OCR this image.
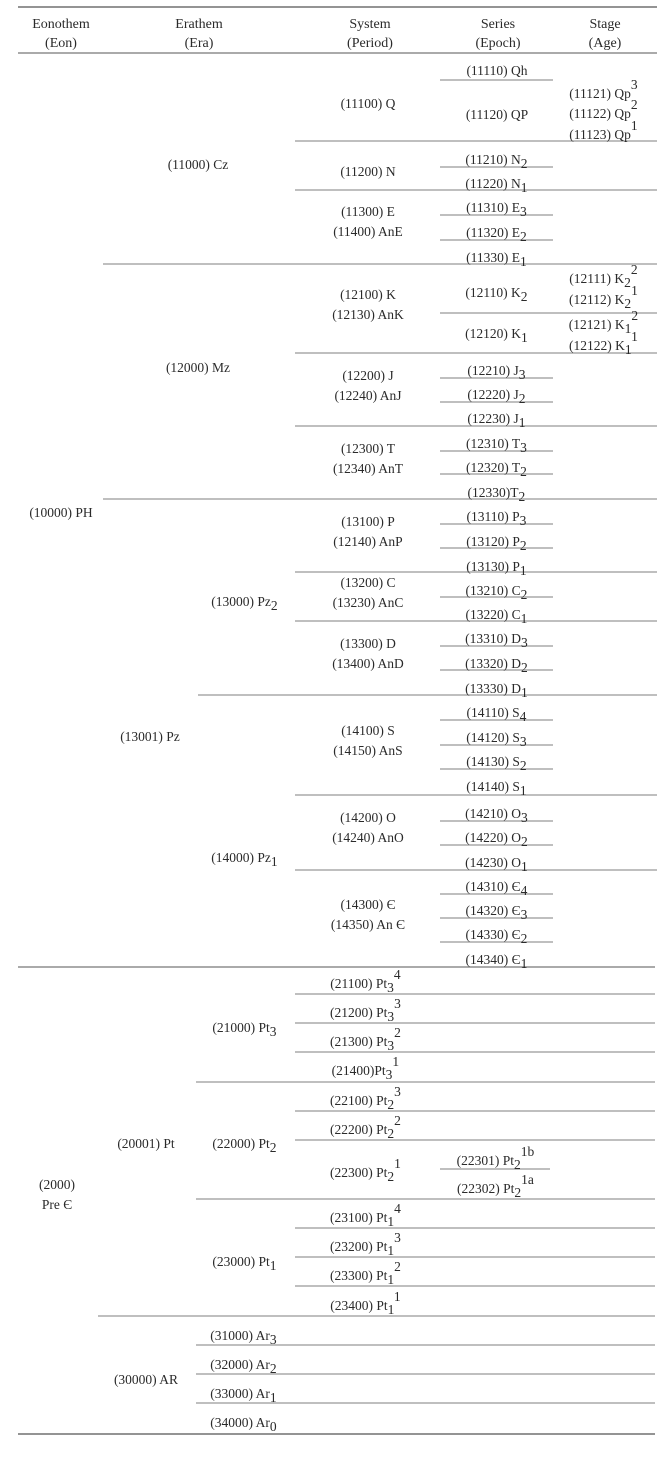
Eonothem
(Eon)
Erathem
(Era)
System
(Period)
Series
(Epoch)
Stage
(Age)
(10000) PH
(2000)
Pre Є
(11000) Cz
(12000) Mz
(13001) Pz
(20001) Pt
(30000) AR
(13000) Pz2 
(14000) Pz1 
(21000) Pt3 
(22000) Pt2 
(23000) Pt1 
(31000) Ar3 
(32000) Ar2 
(33000) Ar1 
(34000) Ar0 
(11100) Q
(11200) N
(11300) E
(11400) AnE
(12100) K
(12130) AnK
(12200) J
(12240) AnJ
(12300) T
(12340) AnT
(13100) P
(12140) AnP
(13200) C
(13230) AnC
(13300) D
(13400) AnD
(14100) S
(14150) AnS
(14200) O
(14240) AnO
(14300) Є
(14350) An Є
(21100) Pt34 
(21200) Pt33 
(21300) Pt32 
(21400)Pt31 
(22100) Pt23 
(22200) Pt22 
(22300) Pt21 
(23100) Pt14 
(23200) Pt13 
(23300) Pt12 
(23400) Pt11 
(11110) Qh
(11120) QP
(11210) N2 
(11220) N1 
(11310) E3 
(11320) E2 
(11330) E1 
(12110) K2 
(12120) K1 
(12210) J3 
(12220) J2 
(12230) J1 
(12310) T3 
(12320) T2 
(12330)T2 
(13110) P3 
(13120) P2 
(13130) P1 
(13210) C2 
(13220) C1 
(13310) D3 
(13320) D2 
(13330) D1 
(14110) S4 
(14120) S3 
(14130) S2 
(14140) S1 
(14210) O3 
(14220) O2 
(14230) O1 
(14310) Є4 
(14320) Є3 
(14330) Є2 
(14340) Є1 
(22301) Pt21b 
(22302) Pt21a 
(11121) Qp3 
(11122) Qp2 
(11123) Qp1 
(12111) K22 
(12112) K21 
(12121) K12 
(12122) K11 
